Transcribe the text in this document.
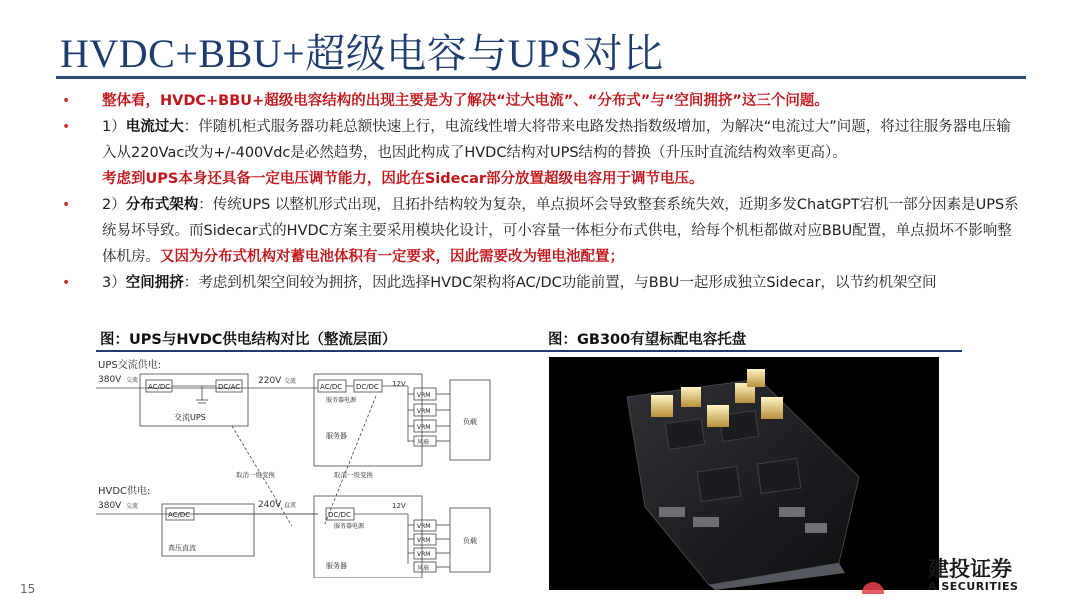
HVDC+BBU+超级电容与UPS对比
• 整体看，HVDC+BBU+超级电容结构的出现主要是为了解决“过大电流”、“分布式”与“空间拥挤”这三个问题。
• 1）电流过大：伴随机柜式服务器功耗总额快速上行，电流线性增大将带来电路发热指数级增加，为解决“电流过大”问题，将过往服务器电压输入从220Vac改为+/-400Vdc是必然趋势，也因此构成了HVDC结构对UPS结构的替换（升压时直流结构效率更高）。
考虑到UPS本身还具备一定电压调节能力，因此在Sidecar部分放置超级电容用于调节电压。
• 2）分布式架构：传统UPS 以整机形式出现，且拓扑结构较为复杂，单点损坏会导致整套系统失效，近期多发ChatGPT宕机一部分因素是UPS系统易坏导致。而Sidecar式的HVDC方案主要采用模块化设计，可小容量一体柜分布式供电，给每个机柜都做对应BBU配置，单点损坏不影响整体机房。又因为分布式机构对蓄电池体积有一定要求，因此需要改为锂电池配置；
• 3）空间拥挤：考虑到机架空间较为拥挤，因此选择HVDC架构将AC/DC功能前置，与BBU一起形成独立Sidecar，以节约机架空间
图：UPS与HVDC供电结构对比（整流层面）	图：GB300有望标配电容托盘
UPS交流供电:
380V 交流	220V 交流	12V
HVDC供电:
380V 交流	240V 直流	12V
取消一级变换	取消一级变换
AC/DC	DC/AC
交流UPS
AC/DC DC/DC
服务器电源
服务器
VRM
VRM
VRM
风扇
负载
AC/DC
高压直流
DC/DC
服务器电源
服务器
VRM
VRM
VRM
风扇
负载
建投证券
A SECURITIES
15
